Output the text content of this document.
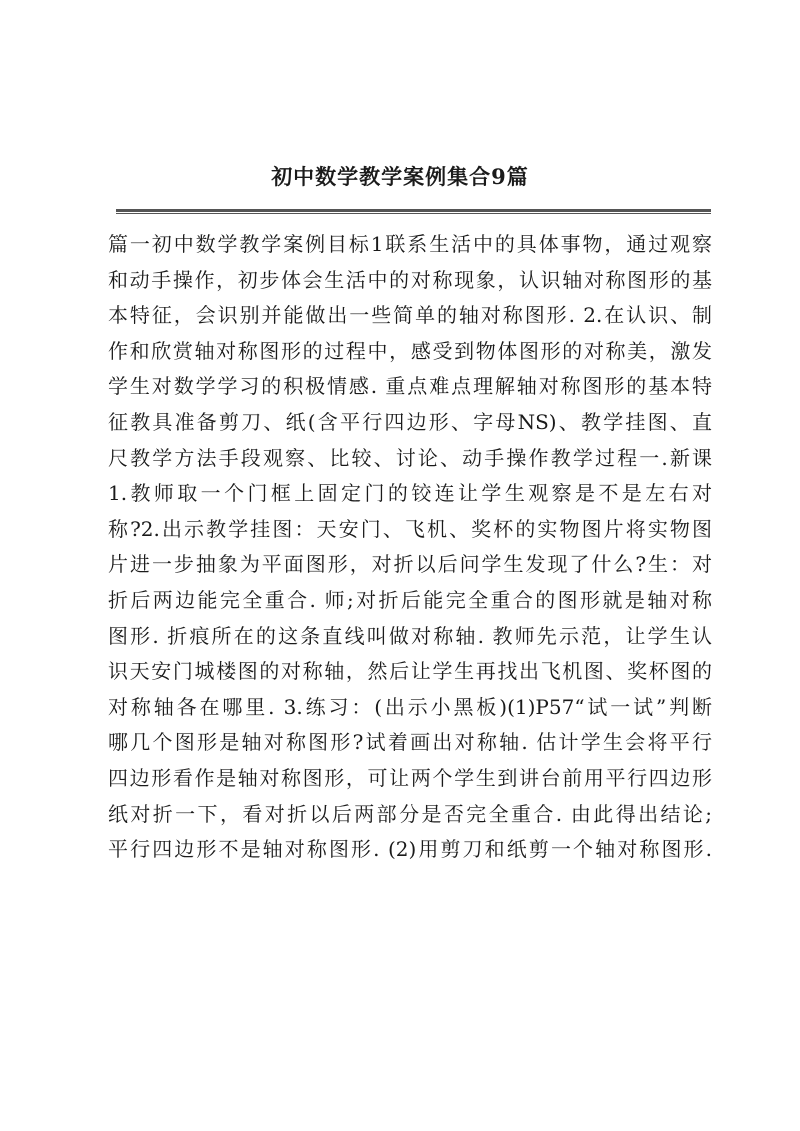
初中数学教学案例集合9篇
篇一初中数学教学案例目标1联系生活中的具体事物，通过观察
和动手操作，初步体会生活中的对称现象，认识轴对称图形的基
本特征，会识别并能做出一些简单的轴对称图形. 2.在认识、制
作和欣赏轴对称图形的过程中，感受到物体图形的对称美，激发
学生对数学学习的积极情感. 重点难点理解轴对称图形的基本特
征教具准备剪刀、纸(含平行四边形、字母NS)、教学挂图、直
尺教学方法手段观察、比较、讨论、动手操作教学过程一.新课
1.教师取一个门框上固定门的铰连让学生观察是不是左右对
称?2.出示教学挂图：天安门、飞机、奖杯的实物图片将实物图
片进一步抽象为平面图形，对折以后问学生发现了什么?生：对
折后两边能完全重合. 师;对折后能完全重合的图形就是轴对称
图形. 折痕所在的这条直线叫做对称轴. 教师先示范，让学生认
识天安门城楼图的对称轴，然后让学生再找出飞机图、奖杯图的
对称轴各在哪里. 3.练习：(出示小黑板)(1)P57“试一试”判断
哪几个图形是轴对称图形?试着画出对称轴. 估计学生会将平行
四边形看作是轴对称图形，可让两个学生到讲台前用平行四边形
纸对折一下，看对折以后两部分是否完全重合. 由此得出结论;
平行四边形不是轴对称图形. (2)用剪刀和纸剪一个轴对称图形.
